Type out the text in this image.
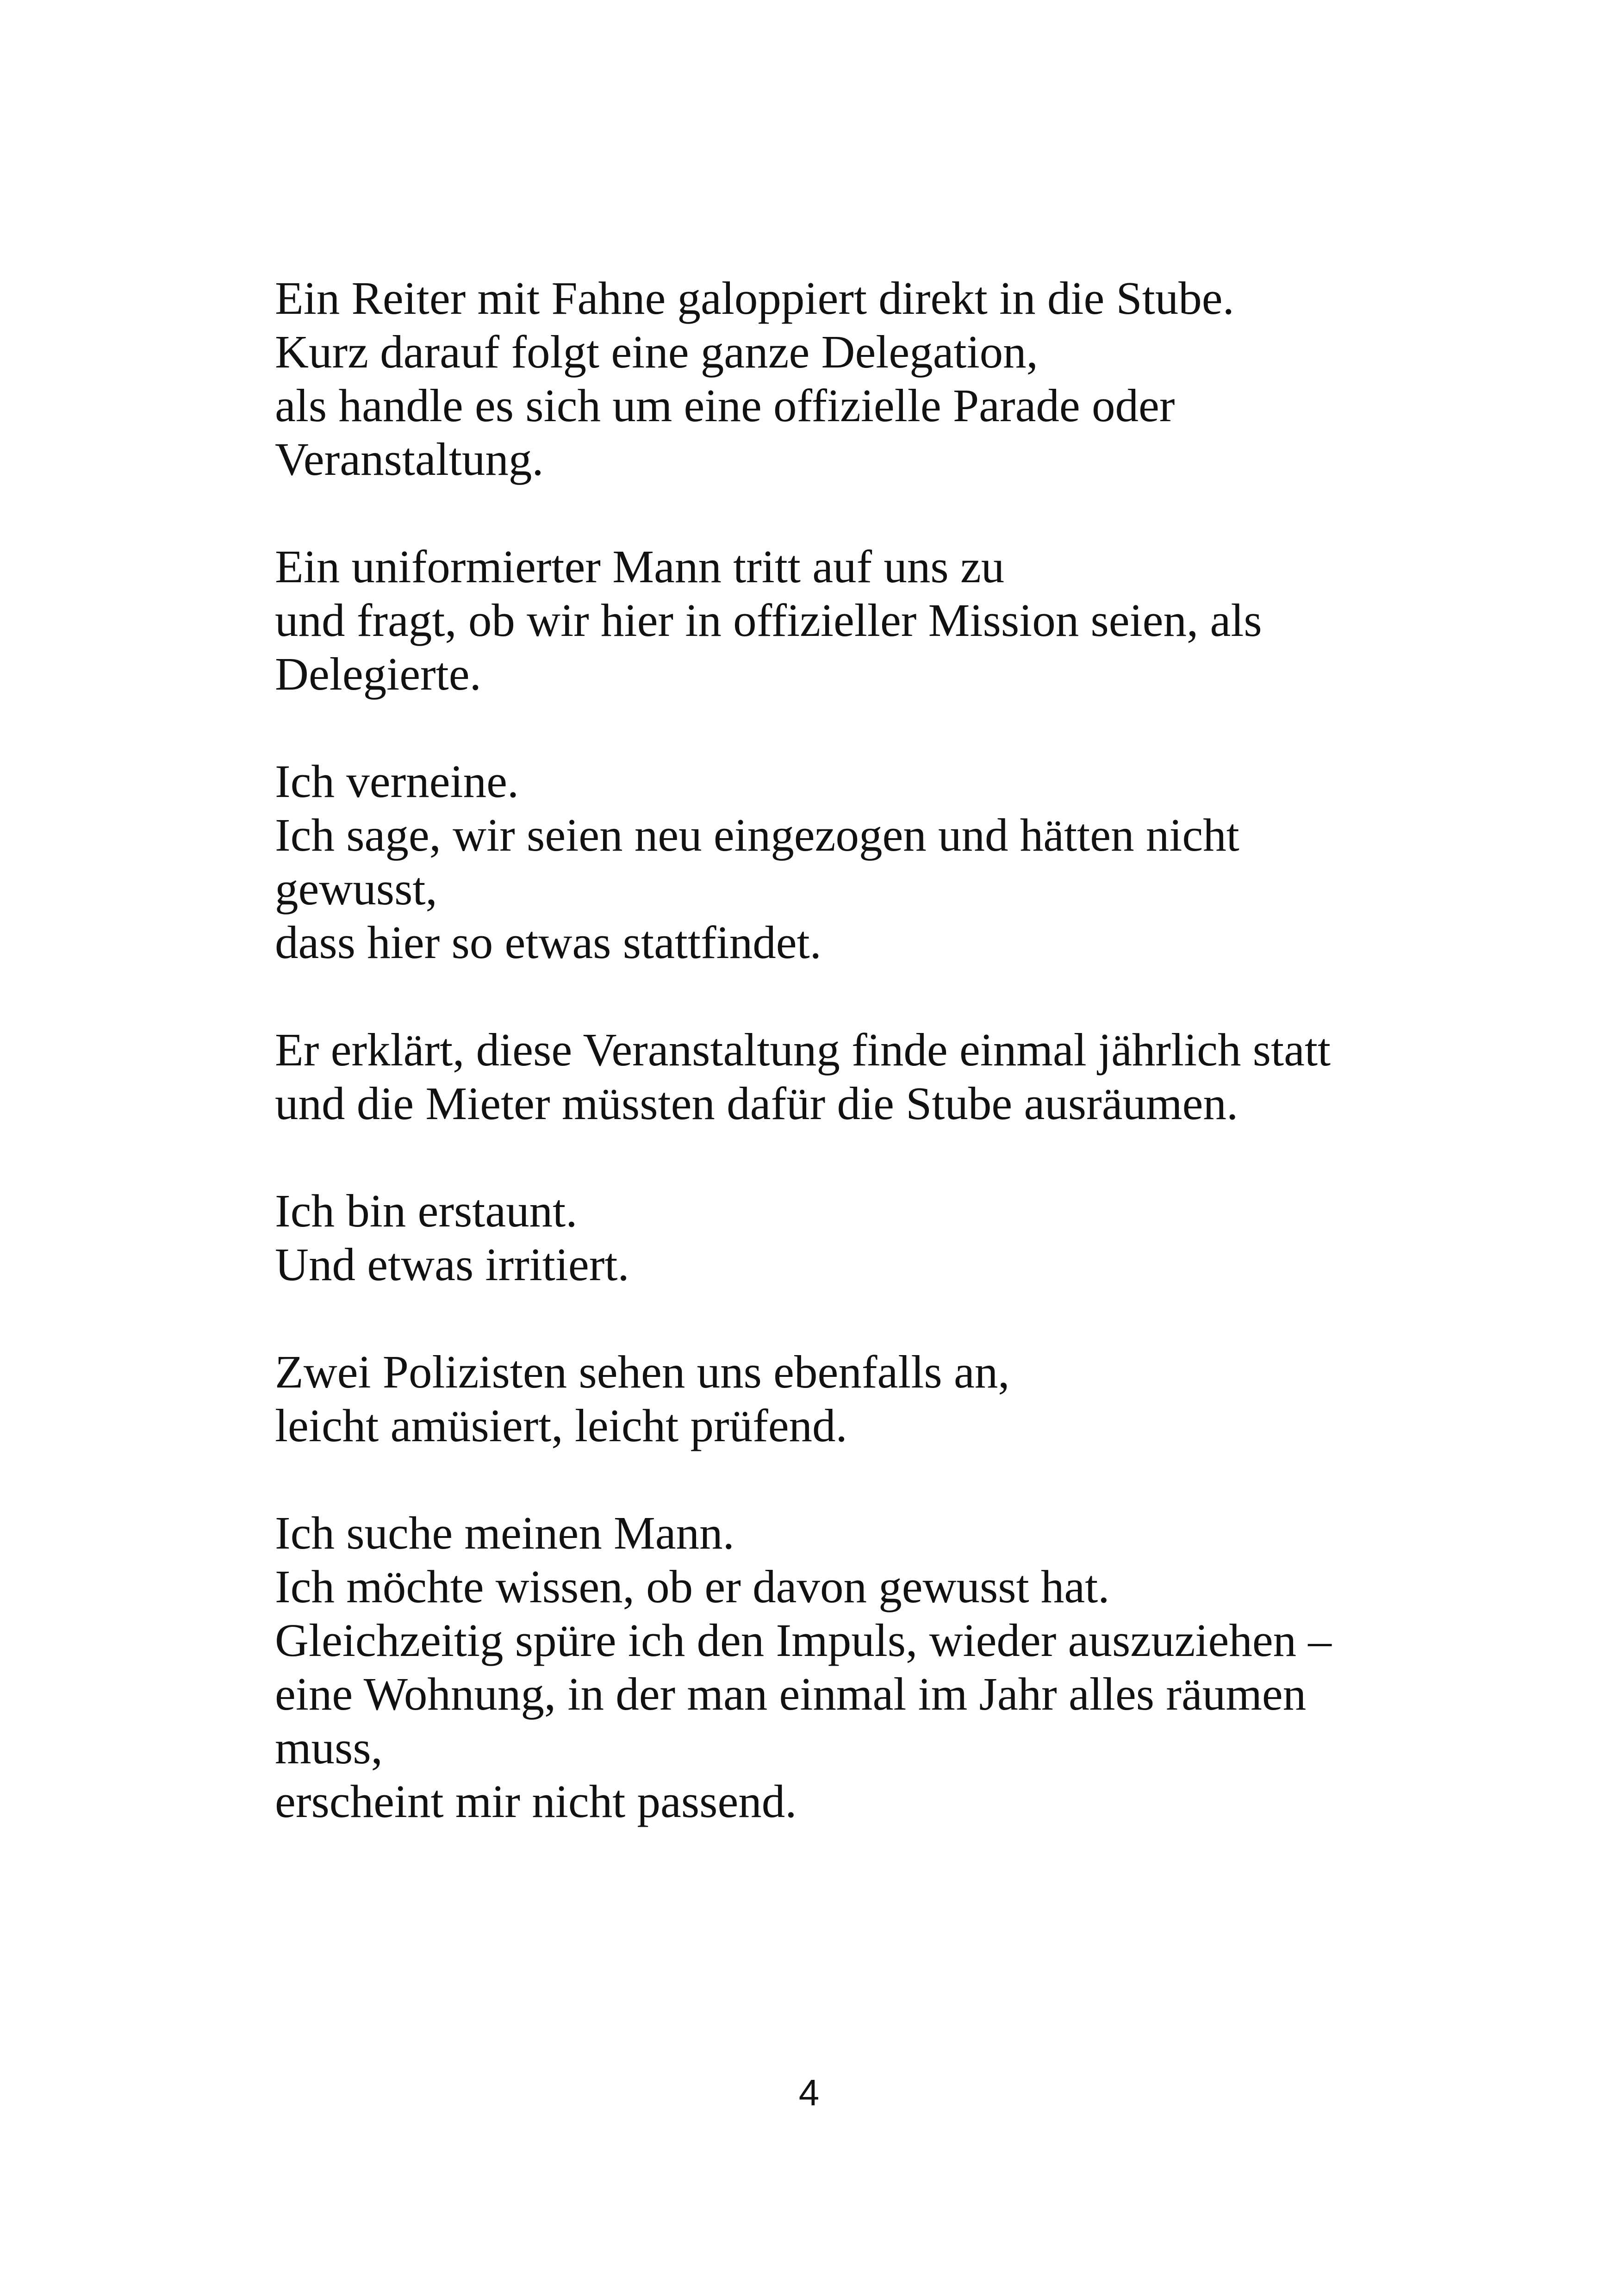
Ein Reiter mit Fahne galoppiert direkt in die Stube.
Kurz darauf folgt eine ganze Delegation,
als handle es sich um eine offizielle Parade oder
Veranstaltung.
Ein uniformierter Mann tritt auf uns zu
und fragt, ob wir hier in offizieller Mission seien, als
Delegierte.
Ich verneine.
Ich sage, wir seien neu eingezogen und hätten nicht
gewusst,
dass hier so etwas stattfindet.
Er erklärt, diese Veranstaltung finde einmal jährlich statt
und die Mieter müssten dafür die Stube ausräumen.
Ich bin erstaunt.
Und etwas irritiert.
Zwei Polizisten sehen uns ebenfalls an,
leicht amüsiert, leicht prüfend.
Ich suche meinen Mann.
Ich möchte wissen, ob er davon gewusst hat.
Gleichzeitig spüre ich den Impuls, wieder auszuziehen –
eine Wohnung, in der man einmal im Jahr alles räumen
muss,
erscheint mir nicht passend.
4
